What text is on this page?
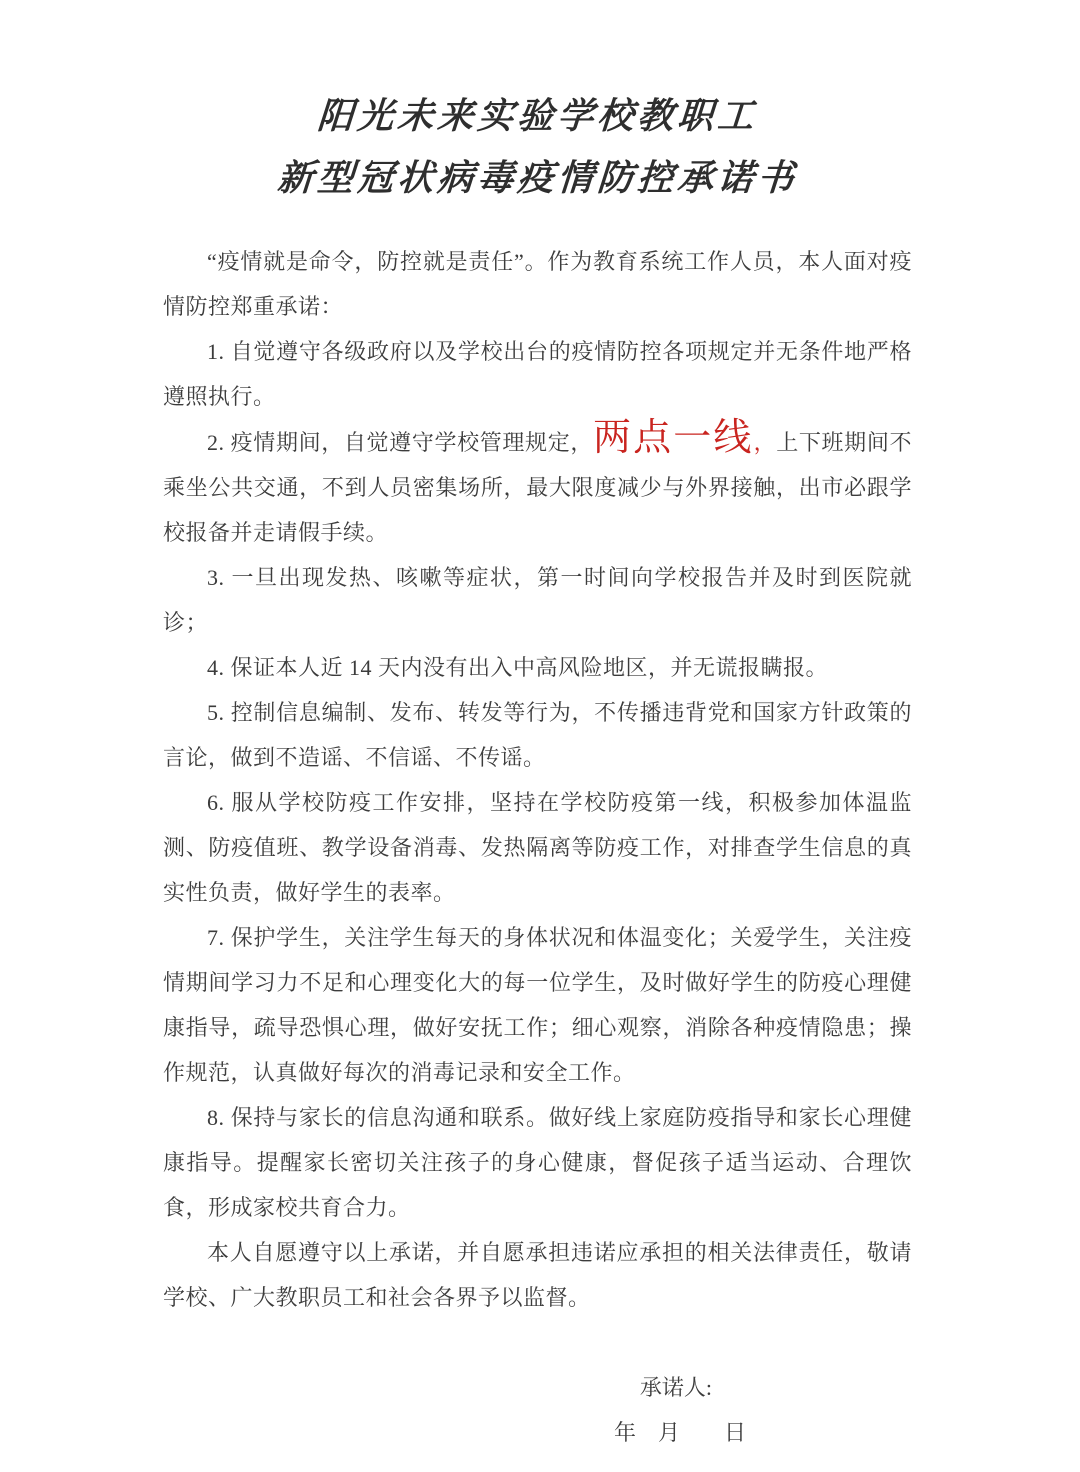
阳光未来实验学校教职工
新型冠状病毒疫情防控承诺书

“疫情就是命令，防控就是责任”。作为教育系统工作人员，本人面对疫情防控郑重承诺：

1. 自觉遵守各级政府以及学校出台的疫情防控各项规定并无条件地严格遵照执行。

2. 疫情期间，自觉遵守学校管理规定，两点一线，上下班期间不乘坐公共交通，不到人员密集场所，最大限度减少与外界接触，出市必跟学校报备并走请假手续。

3. 一旦出现发热、咳嗽等症状，第一时间向学校报告并及时到医院就诊；

4. 保证本人近 14 天内没有出入中高风险地区，并无谎报瞒报。

5. 控制信息编制、发布、转发等行为，不传播违背党和国家方针政策的言论，做到不造谣、不信谣、不传谣。

6. 服从学校防疫工作安排，坚持在学校防疫第一线，积极参加体温监测、防疫值班、教学设备消毒、发热隔离等防疫工作，对排查学生信息的真实性负责，做好学生的表率。

7. 保护学生，关注学生每天的身体状况和体温变化；关爱学生，关注疫情期间学习力不足和心理变化大的每一位学生，及时做好学生的防疫心理健康指导，疏导恐惧心理，做好安抚工作；细心观察，消除各种疫情隐患；操作规范，认真做好每次的消毒记录和安全工作。

8. 保持与家长的信息沟通和联系。做好线上家庭防疫指导和家长心理健康指导。提醒家长密切关注孩子的身心健康，督促孩子适当运动、合理饮食，形成家校共育合力。

本人自愿遵守以上承诺，并自愿承担违诺应承担的相关法律责任，敬请学校、广大教职员工和社会各界予以监督。

承诺人:
年　月　　日
